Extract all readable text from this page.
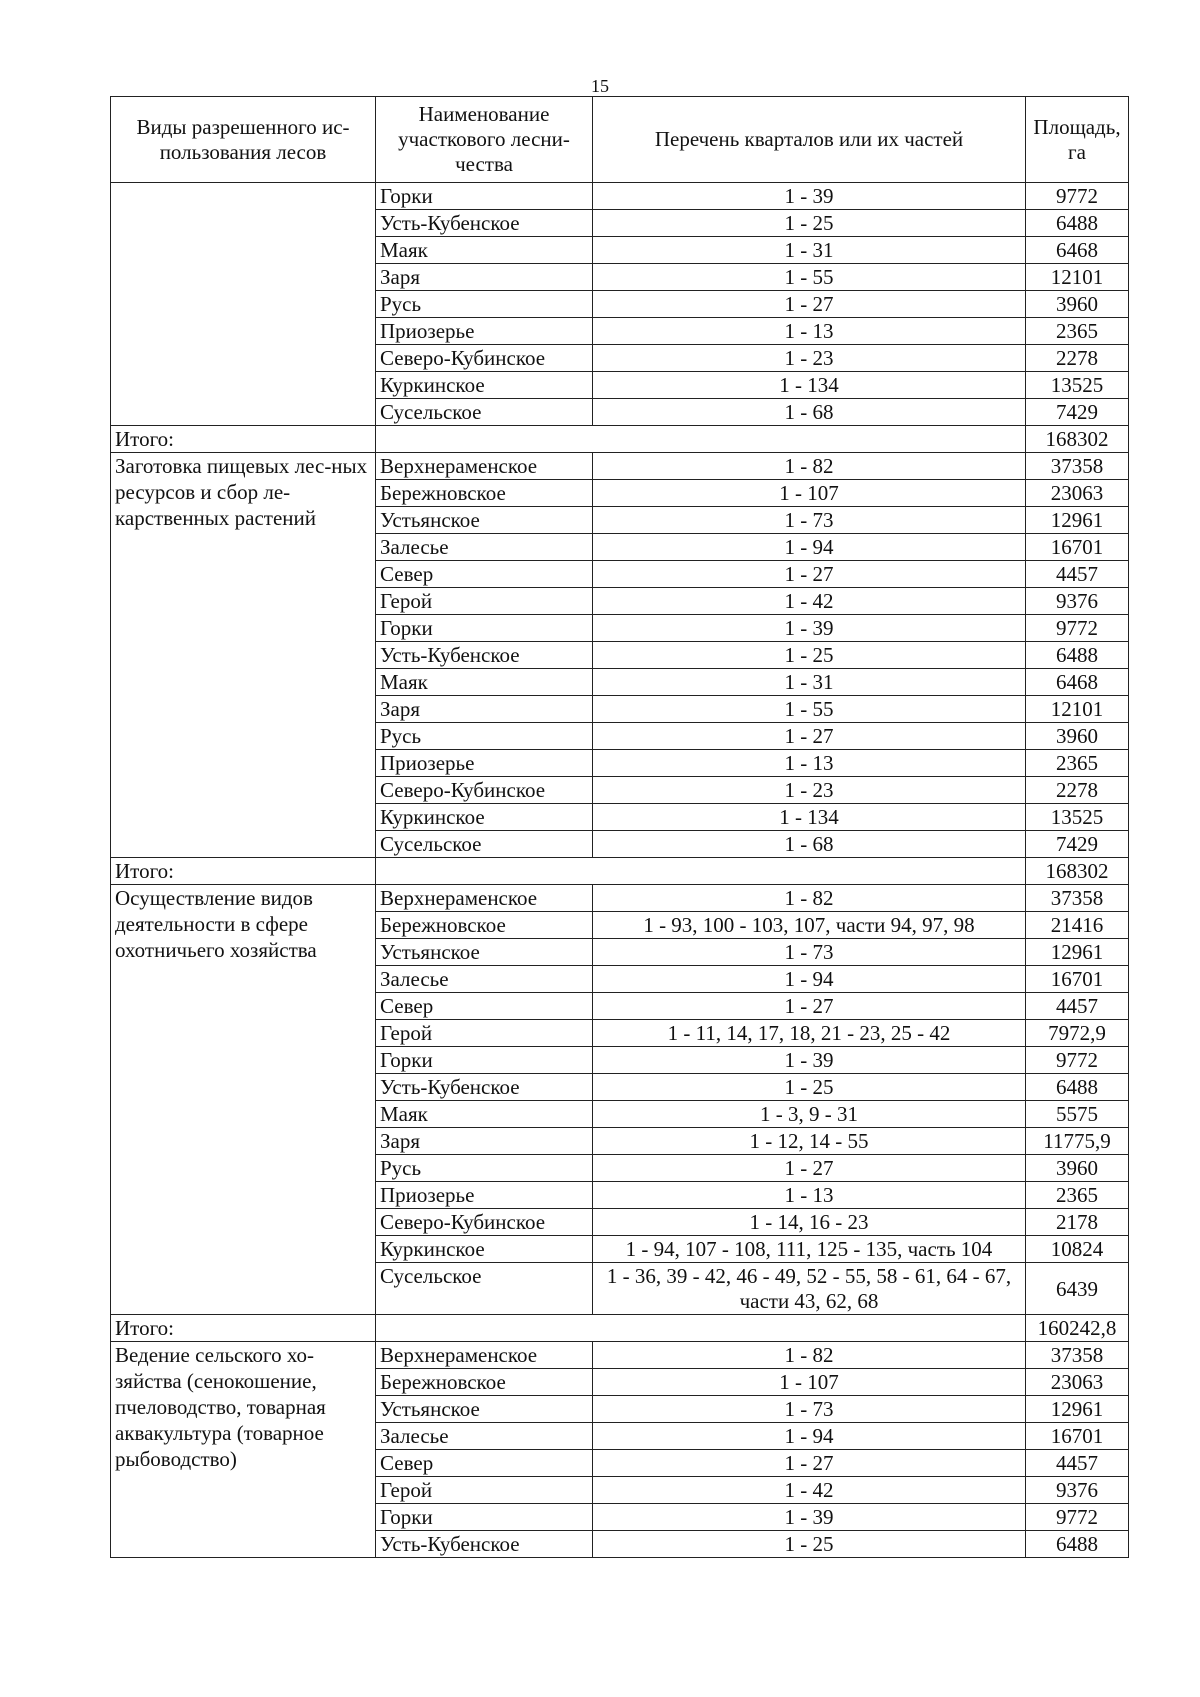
15
Виды разрешенного ис- пользования лесов	Наименование участкового лесни-чества	Перечень кварталов или их частей	Площадь, га
	Горки	1 - 39	9772
	Усть-Кубенское	1 - 25	6488
	Маяк	1 - 31	6468
	Заря	1 - 55	12101
	Русь	1 - 27	3960
	Приозерье	1 - 13	2365
	Северо-Кубинское	1 - 23	2278
	Куркинское	1 - 134	13525
	Сусельское	1 - 68	7429
Итого:			168302
Заготовка пищевых лес-ных ресурсов и сбор ле-карственных растений	Верхнераменское	1 - 82	37358
	Бережновское	1 - 107	23063
	Устьянское	1 - 73	12961
	Залесье	1 - 94	16701
	Север	1 - 27	4457
	Герой	1 - 42	9376
	Горки	1 - 39	9772
	Усть-Кубенское	1 - 25	6488
	Маяк	1 - 31	6468
	Заря	1 - 55	12101
	Русь	1 - 27	3960
	Приозерье	1 - 13	2365
	Северо-Кубинское	1 - 23	2278
	Куркинское	1 - 134	13525
	Сусельское	1 - 68	7429
Итого:			168302
Осуществление видов деятельности в сфере охотничьего хозяйства	Верхнераменское	1 - 82	37358
	Бережновское	1 - 93, 100 - 103, 107, части 94, 97, 98	21416
	Устьянское	1 - 73	12961
	Залесье	1 - 94	16701
	Север	1 - 27	4457
	Герой	1 - 11, 14, 17, 18, 21 - 23, 25 - 42	7972,9
	Горки	1 - 39	9772
	Усть-Кубенское	1 - 25	6488
	Маяк	1 - 3, 9 - 31	5575
	Заря	1 - 12, 14 - 55	11775,9
	Русь	1 - 27	3960
	Приозерье	1 - 13	2365
	Северо-Кубинское	1 - 14, 16 - 23	2178
	Куркинское	1 - 94, 107 - 108, 111, 125 - 135, часть 104	10824
	Сусельское	1 - 36, 39 - 42, 46 - 49, 52 - 55, 58 - 61, 64 - 67, части 43, 62, 68	6439
Итого:			160242,8
Ведение сельского хо-зяйства (сенокошение, пчеловодство, товарная аквакультура (товарное рыбоводство)	Верхнераменское	1 - 82	37358
	Бережновское	1 - 107	23063
	Устьянское	1 - 73	12961
	Залесье	1 - 94	16701
	Север	1 - 27	4457
	Герой	1 - 42	9376
	Горки	1 - 39	9772
	Усть-Кубенское	1 - 25	6488
